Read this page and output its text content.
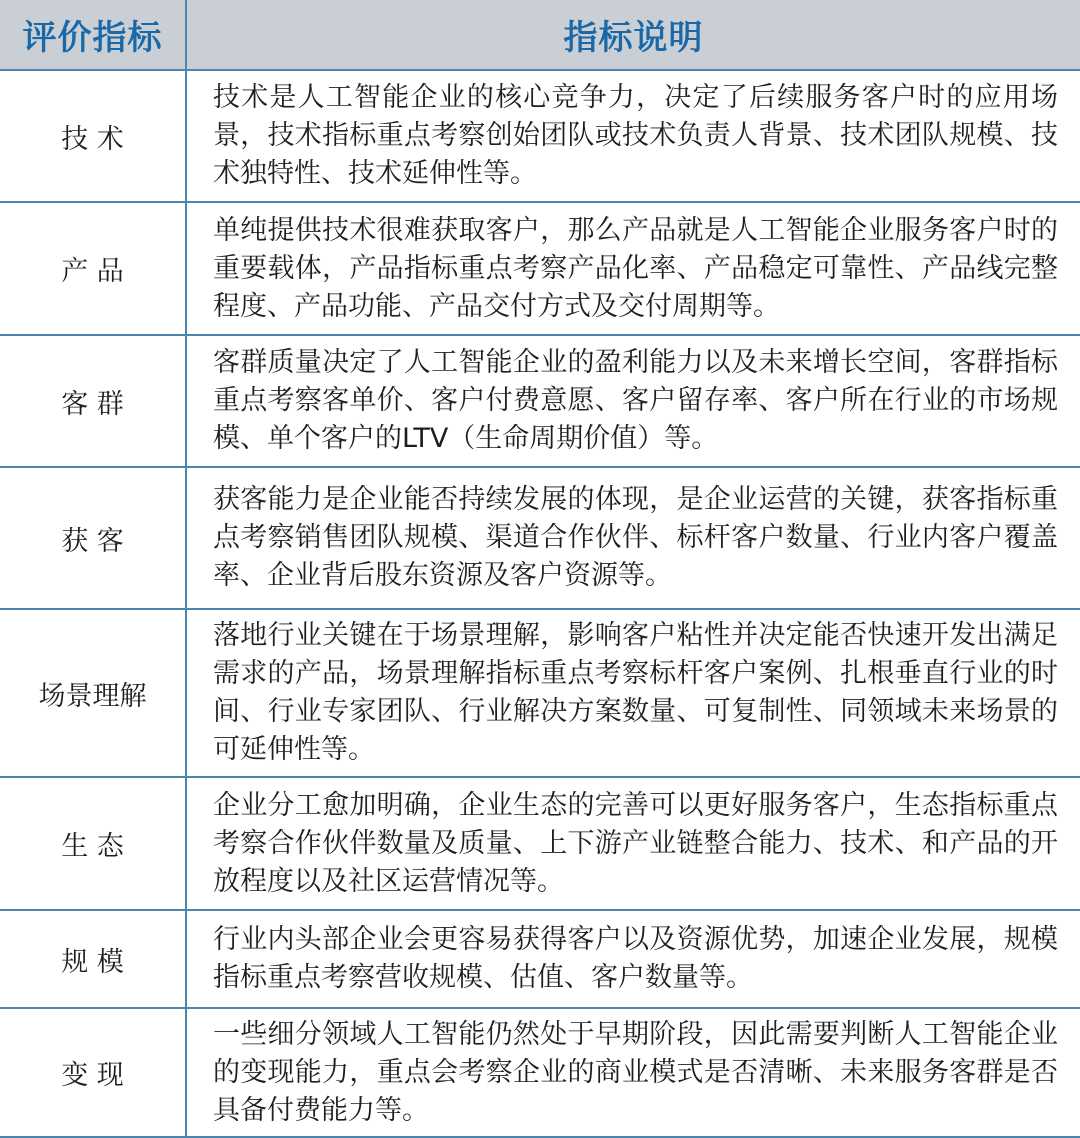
评价指标	指标说明
技 术	技术是人工智能企业的核心竞争力，决定了后续服务客户时的应用场景，技术指标重点考察创始团队或技术负责人背景、技术团队规模、技术独特性、技术延伸性等。
产 品	单纯提供技术很难获取客户，那么产品就是人工智能企业服务客户时的重要载体，产品指标重点考察产品化率、产品稳定可靠性、产品线完整程度、产品功能、产品交付方式及交付周期等。
客 群	客群质量决定了人工智能企业的盈利能力以及未来增长空间，客群指标重点考察客单价、客户付费意愿、客户留存率、客户所在行业的市场规模、单个客户的LTV（生命周期价值）等。
获 客	获客能力是企业能否持续发展的体现，是企业运营的关键，获客指标重点考察销售团队规模、渠道合作伙伴、标杆客户数量、行业内客户覆盖率、企业背后股东资源及客户资源等。
场景理解	落地行业关键在于场景理解，影响客户粘性并决定能否快速开发出满足需求的产品，场景理解指标重点考察标杆客户案例、扎根垂直行业的时间、行业专家团队、行业解决方案数量、可复制性、同领域未来场景的可延伸性等。
生 态	企业分工愈加明确，企业生态的完善可以更好服务客户，生态指标重点考察合作伙伴数量及质量、上下游产业链整合能力、技术、和产品的开放程度以及社区运营情况等。
规 模	行业内头部企业会更容易获得客户以及资源优势，加速企业发展，规模指标重点考察营收规模、估值、客户数量等。
变 现	一些细分领域人工智能仍然处于早期阶段，因此需要判断人工智能企业的变现能力，重点会考察企业的商业模式是否清晰、未来服务客群是否具备付费能力等。
